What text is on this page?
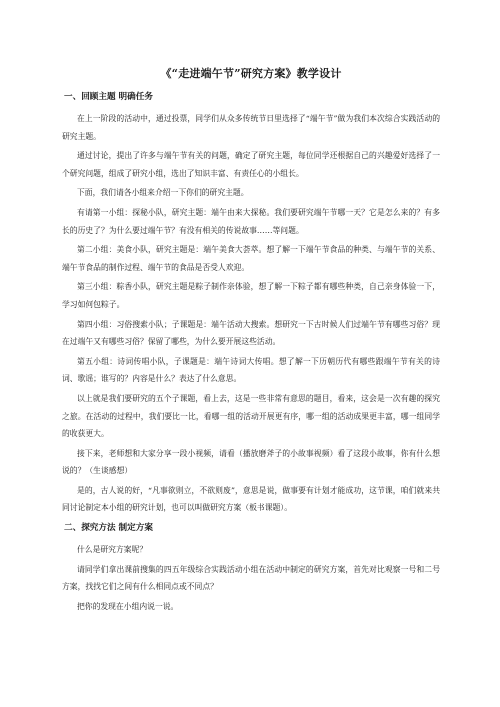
《“走进端午节”研究方案》教学设计
一、回顾主题 明确任务

在上一阶段的活动中，通过投票，同学们从众多传统节日里选择了“端午节”做为我们本次综合实践活动的研究主题。

通过讨论，提出了许多与端午节有关的问题，确定了研究主题，每位同学还根据自己的兴趣爱好选择了一个研究问题，组成了研究小组，选出了知识丰富、有责任心的小组长。

下面，我们请各小组来介绍一下你们的研究主题。

有请第一小组：探秘小队，研究主题：端午由来大探秘。我们要研究端午节哪一天？它是怎么来的？有多长的历史了？为什么要过端午节？有没有相关的传说故事……等问题。

第二小组：美食小队，研究主题是：端午美食大荟萃。想了解一下端午节食品的种类、与端午节的关系、端午节食品的制作过程、端午节的食品是否受人欢迎。

第三小组：粽香小队，研究主题是粽子制作亲体验，想了解一下粽子都有哪些种类，自己亲身体验一下，学习如何包粽子。

第四小组：习俗搜索小队；子课题是：端午活动大搜索。想研究一下古时候人们过端午节有哪些习俗？现在过端午又有哪些习俗？保留了哪些，为什么要开展这些活动。

第五小组：诗词传唱小队，子课题是：端午诗词大传唱。想了解一下历朝历代有哪些跟端午节有关的诗词、歌谣；谁写的？内容是什么？表达了什么意思。

以上就是我们要研究的五个子课题，看上去，这是一些非常有意思的题目，看来，这会是一次有趣的探究之旅。在活动的过程中，我们要比一比，看哪一组的活动开展更有序，哪一组的活动成果更丰富，哪一组同学的收获更大。

接下来，老师想和大家分享一段小视频，请看（播放磨斧子的小故事视频）看了这段小故事，你有什么想说的？（生谈感想）

是的，古人说的好，“凡事欲则立，不欲则废”，意思是说，做事要有计划才能成功，这节课，咱们就来共同讨论制定本小组的研究计划，也可以叫做研究方案（板书课题）。

二、探究方法 制定方案

什么是研究方案呢？

请同学们拿出课前搜集的四五年级综合实践活动小组在活动中制定的研究方案，首先对比观察一号和二号方案，找找它们之间有什么相同点或不同点？

把你的发现在小组内说一说。
